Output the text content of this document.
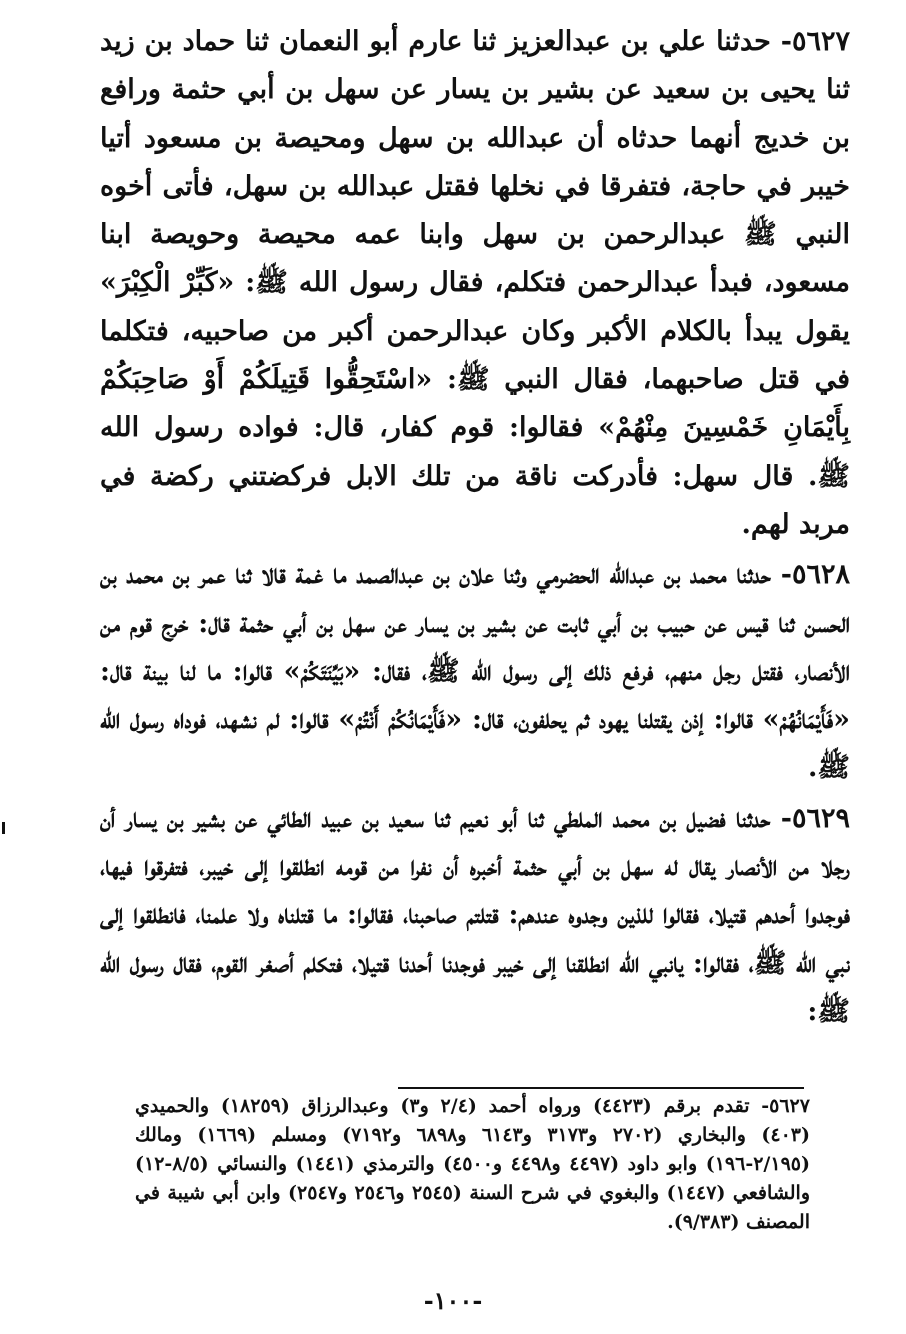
٥٦٢٧- حدثنا علي بن عبدالعزيز ثنا عارم أبو النعمان ثنا حماد بن زيد ثنا يحيى بن سعيد عن بشير بن يسار عن سهل بن أبي حثمة ورافع بن خديج أنهما حدثاه أن عبدالله بن سهل ومحيصة بن مسعود أتيا خيبر في حاجة، فتفرقا في نخلها فقتل عبدالله بن سهل، فأتى أخوه النبي ﷺ عبدالرحمن بن سهل وابنا عمه محيصة وحويصة ابنا مسعود، فبدأ عبدالرحمن فتكلم، فقال رسول الله ﷺ: «كَبِّرْ الْكِبْرَ» يقول يبدأ بالكلام الأكبر وكان عبدالرحمن أكبر من صاحبيه، فتكلما في قتل صاحبهما، فقال النبي ﷺ: «اسْتَحِقُّوا قَتِيلَكُمْ أَوْ صَاحِبَكُمْ بِأَيْمَانِ خَمْسِينَ مِنْهُمْ» فقالوا: قوم كفار، قال: فواده رسول الله ﷺ. قال سهل: فأدركت ناقة من تلك الابل فركضتني ركضة في مربد لهم.

٥٦٢٨- حدثنا محمد بن عبدالله الحضرمي وثنا علان بن عبدالصمد ما غمة قالا ثنا عمر بن محمد بن الحسن ثنا قيس عن حبيب بن أبي ثابت عن بشير بن يسار عن سهل بن أبي حثمة قال: خرج قوم من الأنصار، فقتل رجل منهم، فرفع ذلك إلى رسول الله ﷺ، فقال: «بَيِّنَتَكُمْ» قالوا: ما لنا بينة قال: «فَأَيْمَانُهُمْ» قالوا: إذن يقتلنا يهود ثم يحلفون، قال: «فَأَيْمَانُكُمْ أَنْتُمْ» قالوا: لم نشهد، فوداه رسول الله ﷺ.

٥٦٢٩- حدثنا فضيل بن محمد الملطي ثنا أبو نعيم ثنا سعيد بن عبيد الطائي عن بشير بن يسار أن رجلا من الأنصار يقال له سهل بن أبي حثمة أخبره أن نفرا من قومه انطلقوا إلى خيبر، فتفرقوا فيها، فوجدوا أحدهم قتيلا، فقالوا للذين وجدوه عندهم: قتلتم صاحبنا، فقالوا: ما قتلناه ولا علمنا، فانطلقوا إلى نبي الله ﷺ، فقالوا: يانبي الله انطلقنا إلى خيبر فوجدنا أحدنا قتيلا، فتكلم أصغر القوم، فقال رسول الله ﷺ:

٥٦٢٧- تقدم برقم (٤٤٢٣) ورواه أحمد (٢/٤ و٣) وعبدالرزاق (١٨٢٥٩) والحميدي (٤٠٣) والبخاري (٢٧٠٢ و٣١٧٣ و٦١٤٣ و٦٨٩٨ و٧١٩٢) ومسلم (١٦٦٩) ومالك (٢/١٩٥-١٩٦) وابو داود (٤٤٩٧ و٤٤٩٨ و٤٥٠٠) والترمذي (١٤٤١) والنسائي (٨/٥-١٢) والشافعي (١٤٤٧) والبغوي في شرح السنة (٢٥٤٥ و٢٥٤٦ و٢٥٤٧) وابن أبي شيبة في المصنف (٩/٣٨٣).

-١٠٠-
